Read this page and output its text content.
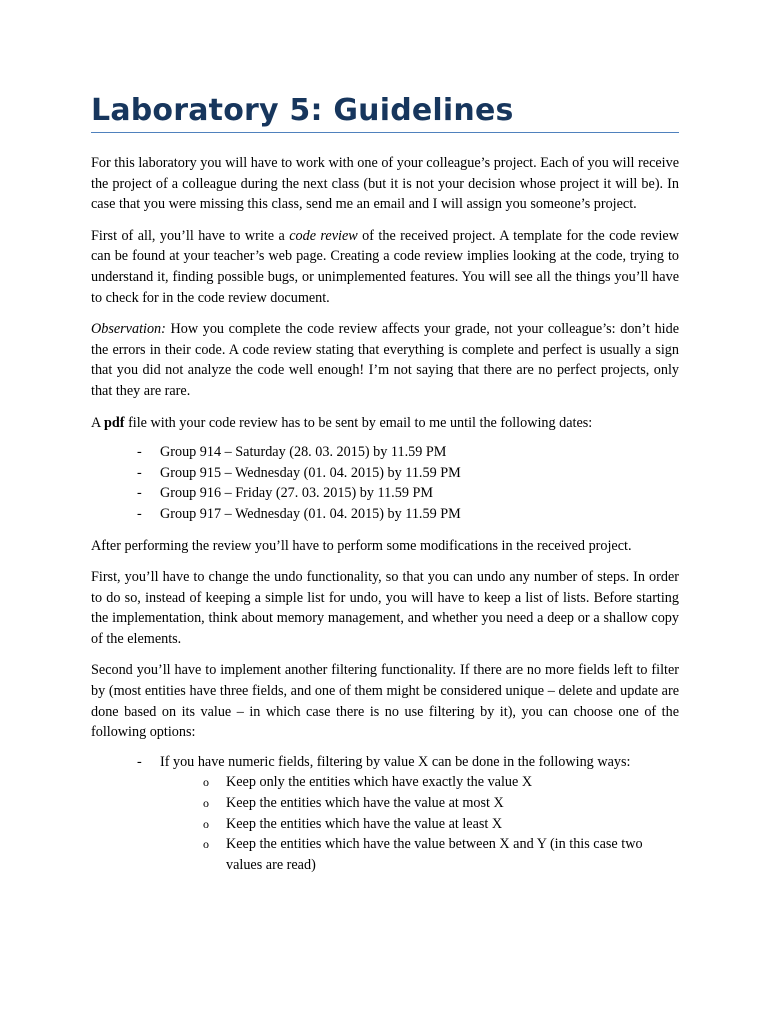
Laboratory 5: Guidelines

For this laboratory you will have to work with one of your colleague’s project. Each of you will receive the project of a colleague during the next class (but it is not your decision whose project it will be). In case that you were missing this class, send me an email and I will assign you someone’s project.

First of all, you’ll have to write a code review of the received project. A template for the code review can be found at your teacher’s web page. Creating a code review implies looking at the code, trying to understand it, finding possible bugs, or unimplemented features. You will see all the things you’ll have to check for in the code review document.

Observation: How you complete the code review affects your grade, not your colleague’s: don’t hide the errors in their code. A code review stating that everything is complete and perfect is usually a sign that you did not analyze the code well enough! I’m not saying that there are no perfect projects, only that they are rare.

A pdf file with your code review has to be sent by email to me until the following dates:

- Group 914 – Saturday (28. 03. 2015) by 11.59 PM
- Group 915 – Wednesday (01. 04. 2015) by 11.59 PM
- Group 916 – Friday (27. 03. 2015) by 11.59 PM
- Group 917 – Wednesday (01. 04. 2015) by 11.59 PM

After performing the review you’ll have to perform some modifications in the received project.

First, you’ll have to change the undo functionality, so that you can undo any number of steps. In order to do so, instead of keeping a simple list for undo, you will have to keep a list of lists. Before starting the implementation, think about memory management, and whether you need a deep or a shallow copy of the elements.

Second you’ll have to implement another filtering functionality. If there are no more fields left to filter by (most entities have three fields, and one of them might be considered unique – delete and update are done based on its value – in which case there is no use filtering by it), you can choose one of the following options:

- If you have numeric fields, filtering by value X can be done in the following ways:
o Keep only the entities which have exactly the value X
o Keep the entities which have the value at most X
o Keep the entities which have the value at least X
o Keep the entities which have the value between X and Y (in this case two values are read)
